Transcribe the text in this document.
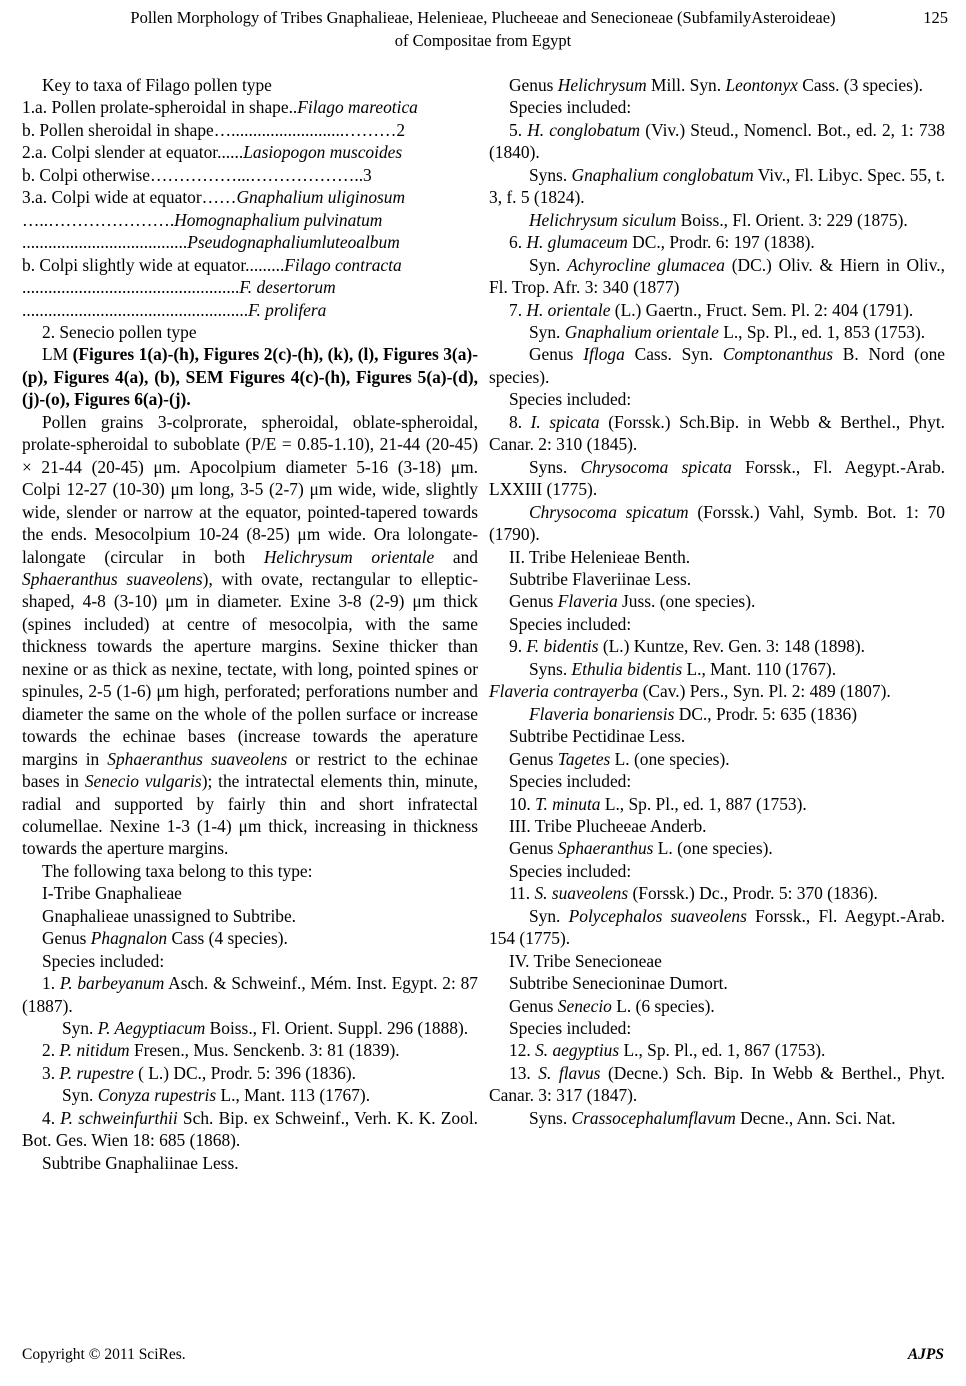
Pollen Morphology of Tribes Gnaphalieae, Helenieae, Plucheeae and Senecioneae (SubfamilyAsteroideae)
of Compositae from Egypt
125

Key to taxa of Filago pollen type

1.a. Pollen prolate-spheroidal in shape..Filago mareotica

b. Pollen sheroidal in shape…..........................………2

2.a. Colpi slender at equator......Lasiopogon muscoides

b. Colpi otherwise……………...………………..3

3.a. Colpi wide at equator……Gnaphalium uliginosum

…..………………….Homognaphalium pulvinatum

......................................Pseudognaphaliumluteoalbum

b. Colpi slightly wide at equator.........Filago contracta

..................................................F. desertorum

....................................................F. prolifera

2. Senecio pollen type

LM (Figures 1(a)-(h), Figures 2(c)-(h), (k), (l), Figures 3(a)-(p), Figures 4(a), (b), SEM Figures 4(c)-(h), Figures 5(a)-(d), (j)-(o), Figures 6(a)-(j).

Pollen grains 3-colprorate, spheroidal, oblate-spheroidal, prolate-spheroidal to suboblate (P/E = 0.85-1.10), 21-44 (20-45) × 21-44 (20-45) μm. Apocolpium diameter 5-16 (3-18) μm. Colpi 12-27 (10-30) μm long, 3-5 (2-7) μm wide, wide, slightly wide, slender or narrow at the equator, pointed-tapered towards the ends. Mesocolpium 10-24 (8-25) μm wide. Ora lolongate-lalongate (circular in both Helichrysum orientale and Sphaeranthus suaveolens), with ovate, rectangular to elleptic-shaped, 4-8 (3-10) μm in diameter. Exine 3-8 (2-9) μm thick (spines included) at centre of mesocolpia, with the same thickness towards the aperture margins. Sexine thicker than nexine or as thick as nexine, tectate, with long, pointed spines or spinules, 2-5 (1-6) μm high, perforated; perforations number and diameter the same on the whole of the pollen surface or increase towards the echinae bases (increase towards the aperature margins in Sphaeranthus suaveolens or restrict to the echinae bases in Senecio vulgaris); the intratectal elements thin, minute, radial and supported by fairly thin and short infratectal columellae. Nexine 1-3 (1-4) μm thick, increasing in thickness towards the aperture margins.

The following taxa belong to this type:

I-Tribe Gnaphalieae

Gnaphalieae unassigned to Subtribe.

Genus Phagnalon Cass (4 species).

Species included:

1. P. barbeyanum Asch. & Schweinf., Mém. Inst. Egypt. 2: 87 (1887).

Syn. P. Aegyptiacum Boiss., Fl. Orient. Suppl. 296 (1888).

2. P. nitidum Fresen., Mus. Senckenb. 3: 81 (1839).

3. P. rupestre ( L.) DC., Prodr. 5: 396 (1836).

Syn. Conyza rupestris L., Mant. 113 (1767).

4. P. schweinfurthii Sch. Bip. ex Schweinf., Verh. K. K. Zool. Bot. Ges. Wien 18: 685 (1868).

Subtribe Gnaphaliinae Less.

Genus Helichrysum Mill. Syn. Leontonyx Cass. (3 species).

Species included:

5. H. conglobatum (Viv.) Steud., Nomencl. Bot., ed. 2, 1: 738 (1840).

Syns. Gnaphalium conglobatum Viv., Fl. Libyc. Spec. 55, t. 3, f. 5 (1824).

Helichrysum siculum Boiss., Fl. Orient. 3: 229 (1875).

6. H. glumaceum DC., Prodr. 6: 197 (1838).

Syn. Achyrocline glumacea (DC.) Oliv. & Hiern in Oliv., Fl. Trop. Afr. 3: 340 (1877)

7. H. orientale (L.) Gaertn., Fruct. Sem. Pl. 2: 404 (1791).

Syn. Gnaphalium orientale L., Sp. Pl., ed. 1, 853 (1753).

Genus Ifloga Cass. Syn. Comptonanthus B. Nord (one species).

Species included:

8. I. spicata (Forssk.) Sch.Bip. in Webb & Berthel., Phyt. Canar. 2: 310 (1845).

Syns. Chrysocoma spicata Forssk., Fl. Aegypt.-Arab. LXXIII (1775).

Chrysocoma spicatum (Forssk.) Vahl, Symb. Bot. 1: 70 (1790).

II. Tribe Helenieae Benth.

Subtribe Flaveriinae Less.

Genus Flaveria Juss. (one species).

Species included:

9. F. bidentis (L.) Kuntze, Rev. Gen. 3: 148 (1898).

Syns. Ethulia bidentis L., Mant. 110 (1767).

Flaveria contrayerba (Cav.) Pers., Syn. Pl. 2: 489 (1807).

Flaveria bonariensis DC., Prodr. 5: 635 (1836)

Subtribe Pectidinae Less.

Genus Tagetes L. (one species).

Species included:

10. T. minuta L., Sp. Pl., ed. 1, 887 (1753).

III. Tribe Plucheeae Anderb.

Genus Sphaeranthus L. (one species).

Species included:

11. S. suaveolens (Forssk.) Dc., Prodr. 5: 370 (1836).

Syn. Polycephalos suaveolens Forssk., Fl. Aegypt.-Arab. 154 (1775).

IV. Tribe Senecioneae

Subtribe Senecioninae Dumort.

Genus Senecio L. (6 species).

Species included:

12. S. aegyptius L., Sp. Pl., ed. 1, 867 (1753).

13. S. flavus (Decne.) Sch. Bip. In Webb & Berthel., Phyt. Canar. 3: 317 (1847).

Syns. Crassocephalumflavum Decne., Ann. Sci. Nat.

Copyright © 2011 SciRes.	AJPS
